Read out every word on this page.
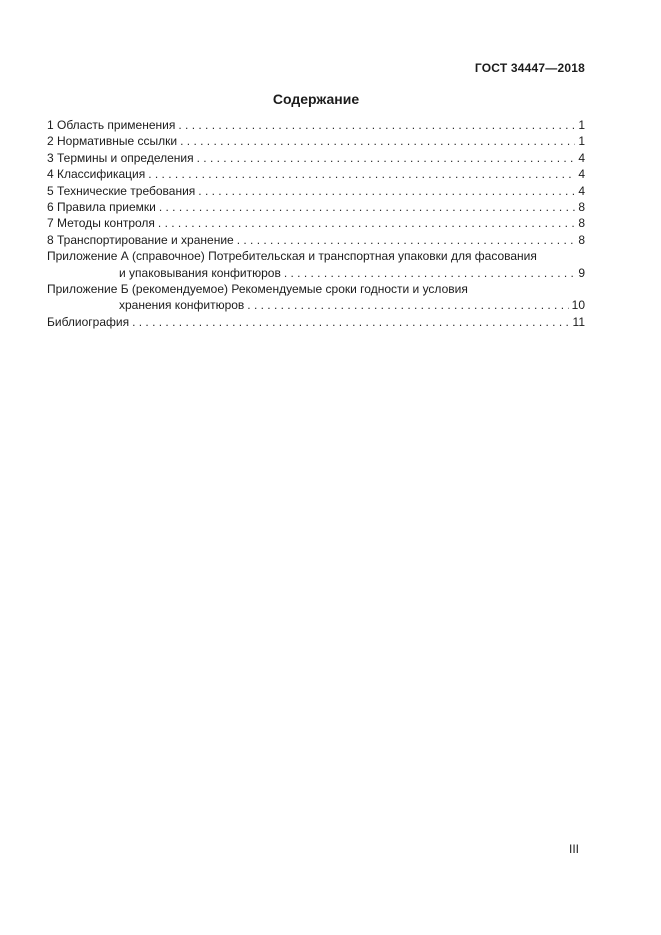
ГОСТ 34447—2018
Содержание
1 Область применения . . .	1
2 Нормативные ссылки . . .	1
3 Термины и определения . . .	4
4 Классификация . . .	4
5 Технические требования . . .	4
6 Правила приемки . . .	8
7 Методы контроля . . .	8
8 Транспортирование и хранение . . .	8
Приложение А (справочное) Потребительская и транспортная упаковки для фасования
и упаковывания конфитюров . . .	9
Приложение Б (рекомендуемое) Рекомендуемые сроки годности и условия
хранения конфитюров . . .	10
Библиография . . .	11
III
